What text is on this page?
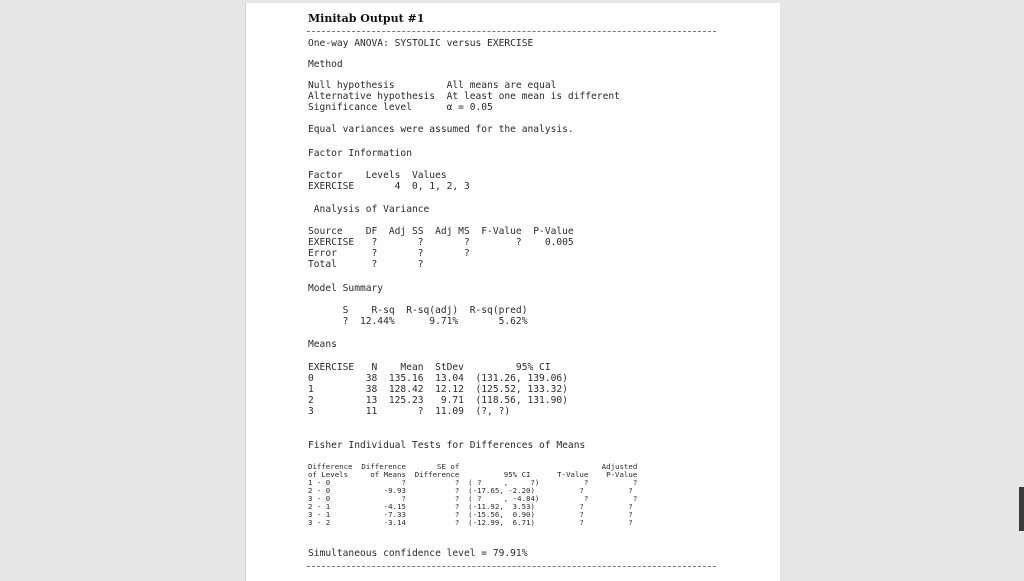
Minitab Output #1
One-way ANOVA: SYSTOLIC versus EXERCISE
Method
Null hypothesis         All means are equal
Alternative hypothesis  At least one mean is different
Significance level      α = 0.05
Equal variances were assumed for the analysis.
Factor Information
Factor    Levels  Values
EXERCISE       4  0, 1, 2, 3
Analysis of Variance
Source    DF  Adj SS  Adj MS  F-Value  P-Value
EXERCISE   ?       ?       ?        ?    0.005
Error      ?       ?       ?
Total      ?       ?
Model Summary
S    R-sq  R-sq(adj)  R-sq(pred)
?  12.44%      9.71%       5.62%
Means
EXERCISE   N    Mean  StDev         95% CI
0         38  135.16  13.04  (131.26, 139.06)
1         38  128.42  12.12  (125.52, 133.32)
2         13  125.23   9.71  (118.56, 131.90)
3         11       ?  11.09  (?, ?)
Fisher Individual Tests for Differences of Means
Difference  Difference       SE of                                Adjusted
of Levels     of Means  Difference          95% CI      T-Value    P-Value
1 - 0                ?           ?  ( ?     ,     ?)          ?          ?
2 - 0            -9.93           ?  (-17.65, -2.20)          ?          ?
3 - 0                ?           ?  ( ?     , -4.84)          ?          ?
2 - 1            -4.15           ?  (-11.92,  3.53)          ?          ?
3 - 1            -7.33           ?  (-15.56,  0.90)          ?          ?
3 - 2            -3.14           ?  (-12.99,  6.71)          ?          ?
Simultaneous confidence level = 79.91%
